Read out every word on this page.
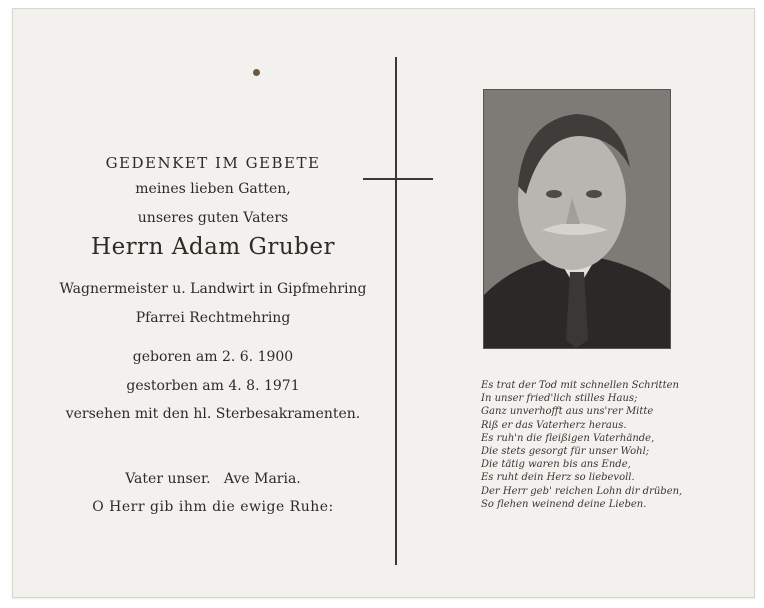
GEDENKET IM GEBETE
meines lieben Gatten,
unseres guten Vaters
Herrn Adam Gruber
Wagnermeister u. Landwirt in Gipfmehring
Pfarrei Rechtmehring
geboren am 2. 6. 1900
gestorben am 4. 8. 1971
versehen mit den hl. Sterbesakramenten.
Vater unser.   Ave Maria.
O Herr gib ihm die ewige Ruhe:
Es trat der Tod mit schnellen Schritten
In unser fried'lich stilles Haus;
Ganz unverhofft aus uns'rer Mitte
Riß er das Vaterherz heraus.
Es ruh'n die fleißigen Vaterhände,
Die stets gesorgt für unser Wohl;
Die tätig waren bis ans Ende,
Es ruht dein Herz so liebevoll.
Der Herr geb' reichen Lohn dir drüben,
So flehen weinend deine Lieben.
